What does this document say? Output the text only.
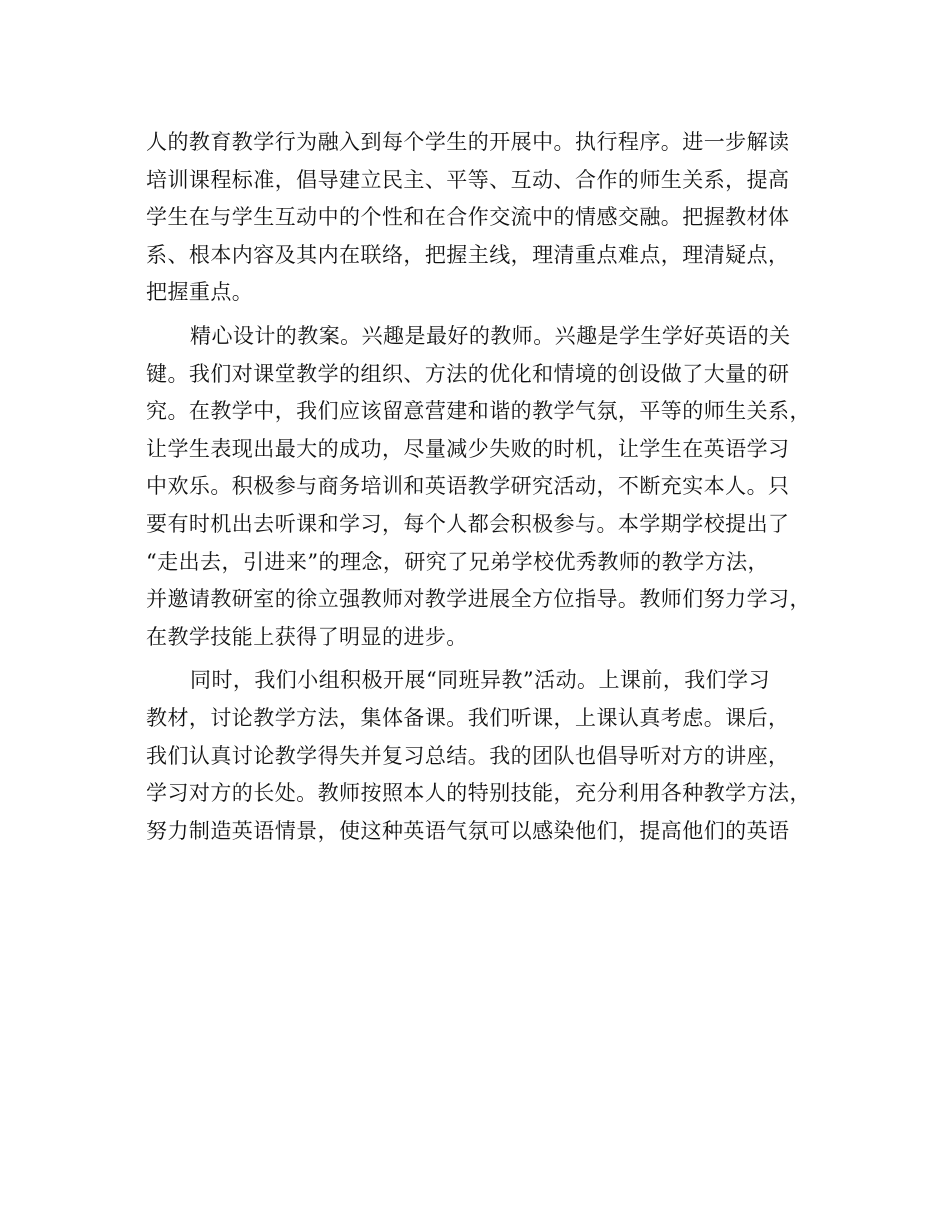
人的教育教学行为融入到每个学生的开展中。执行程序。进一步解读
培训课程标准，倡导建立民主、平等、互动、合作的师生关系，提高
学生在与学生互动中的个性和在合作交流中的情感交融。把握教材体
系、根本内容及其内在联络，把握主线，理清重点难点，理清疑点，
把握重点。
精心设计的教案。兴趣是最好的教师。兴趣是学生学好英语的关
键。我们对课堂教学的组织、方法的优化和情境的创设做了大量的研
究。在教学中，我们应该留意营建和谐的教学气氛，平等的师生关系，
让学生表现出最大的成功，尽量减少失败的时机，让学生在英语学习
中欢乐。积极参与商务培训和英语教学研究活动，不断充实本人。只
要有时机出去听课和学习，每个人都会积极参与。本学期学校提出了
“走出去，引进来”的理念，研究了兄弟学校优秀教师的教学方法，
并邀请教研室的徐立强教师对教学进展全方位指导。教师们努力学习，
在教学技能上获得了明显的进步。
同时，我们小组积极开展“同班异教”活动。上课前，我们学习
教材，讨论教学方法，集体备课。我们听课，上课认真考虑。课后，
我们认真讨论教学得失并复习总结。我的团队也倡导听对方的讲座，
学习对方的长处。教师按照本人的特别技能，充分利用各种教学方法，
努力制造英语情景，使这种英语气氛可以感染他们，提高他们的英语
